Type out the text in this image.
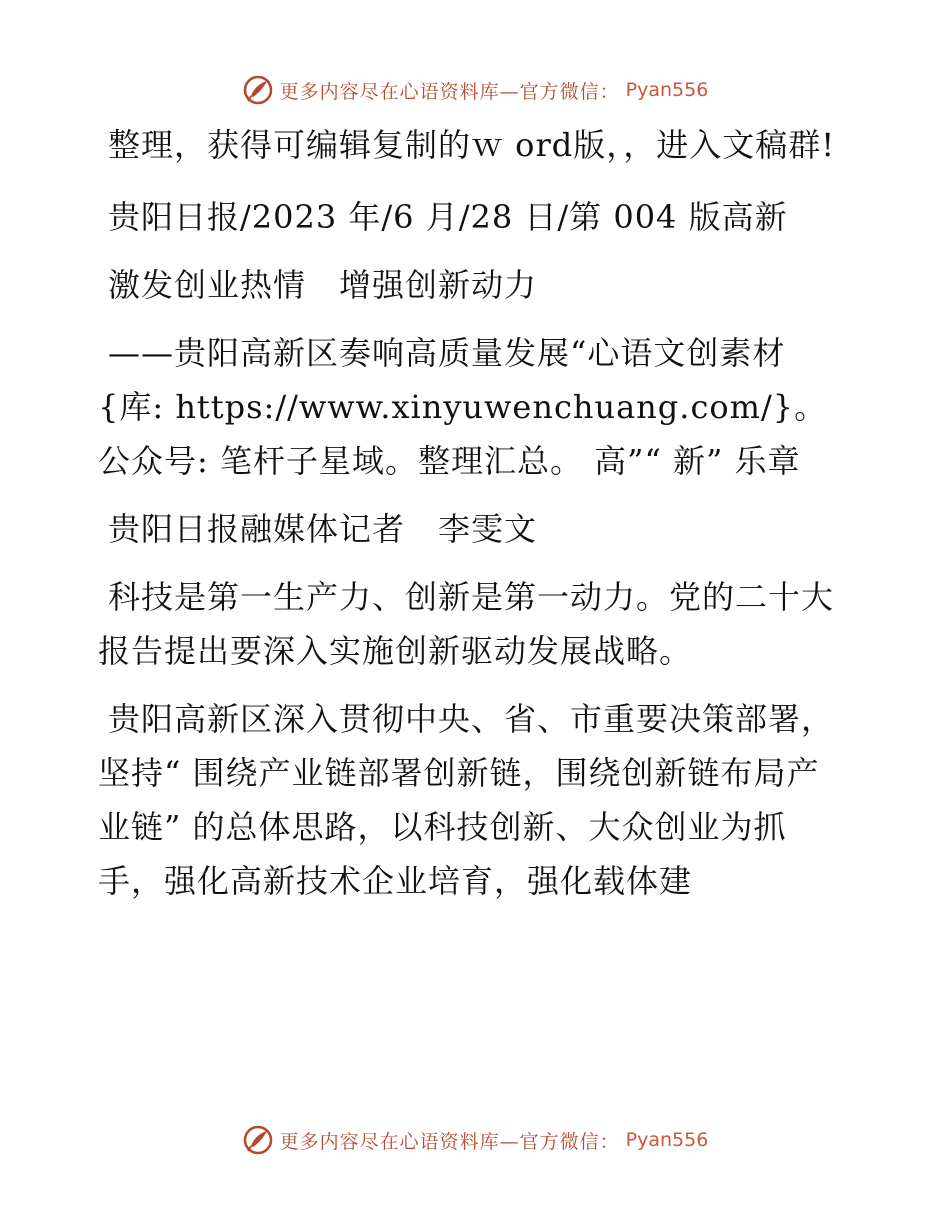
更多内容尽在心语资料库—官方微信： Pyan556

整理，获得可编辑复制的ｗ ord版，，进入文稿群!

贵阳日报/2023 年/6 月/28 日/第 004 版高新

激发创业热情　增强创新动力

——贵阳高新区奏响高质量发展“心语文创素材{库: https://www.xinyuwenchuang.com/}。公众号: 笔杆子星域。整理汇总。 高”“ 新” 乐章

贵阳日报融媒体记者　李雯文

科技是第一生产力、创新是第一动力。党的二十大报告提出要深入实施创新驱动发展战略。

贵阳高新区深入贯彻中央、省、市重要决策部署，坚持“ 围绕产业链部署创新链，围绕创新链布局产业链” 的总体思路，以科技创新、大众创业为抓手，强化高新技术企业培育，强化载体建

更多内容尽在心语资料库—官方微信： Pyan556
